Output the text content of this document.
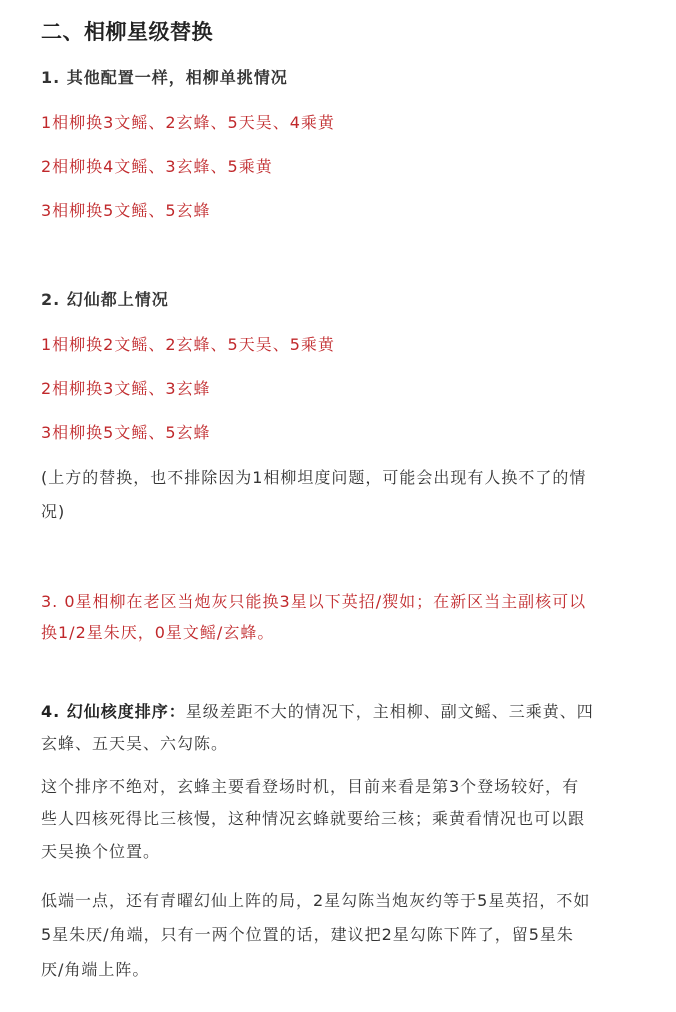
二、相柳星级替换

1. 其他配置一样，相柳单挑情况

1相柳换3文鳐、2玄蜂、5天吴、4乘黄

2相柳换4文鳐、3玄蜂、5乘黄

3相柳换5文鳐、5玄蜂

2. 幻仙都上情况

1相柳换2文鳐、2玄蜂、5天吴、5乘黄

2相柳换3文鳐、3玄蜂

3相柳换5文鳐、5玄蜂

(上方的替换，也不排除因为1相柳坦度问题，可能会出现有人换不了的情

况)

3. 0星相柳在老区当炮灰只能换3星以下英招/猰如；在新区当主副核可以

换1/2星朱厌，0星文鳐/玄蜂。

4. 幻仙核度排序：星级差距不大的情况下，主相柳、副文鳐、三乘黄、四

玄蜂、五天吴、六勾陈。

这个排序不绝对，玄蜂主要看登场时机，目前来看是第3个登场较好，有

些人四核死得比三核慢，这种情况玄蜂就要给三核；乘黄看情况也可以跟

天吴换个位置。

低端一点，还有青曜幻仙上阵的局，2星勾陈当炮灰约等于5星英招，不如

5星朱厌/角端，只有一两个位置的话，建议把2星勾陈下阵了，留5星朱

厌/角端上阵。
